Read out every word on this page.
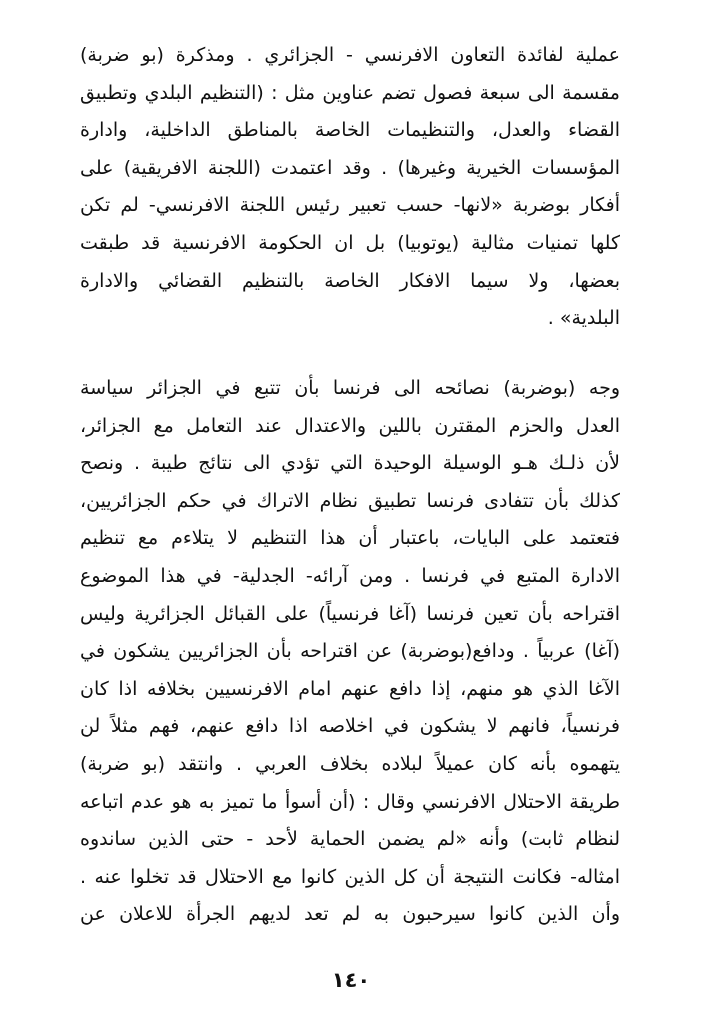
عملية لفائدة التعاون الافرنسي - الجزائري . ومذكرة (بو ضربة)
مقسمة الى سبعة فصول تضم عناوين مثل : (التنظيم البلدي وتطبيق
القضاء والعدل، والتنظيمات الخاصة بالمناطق الداخلية، وادارة
المؤسسات الخيرية وغيرها) . وقد اعتمدت (اللجنة الافريقية) على
أفكار بوضربة «لانها- حسب تعبير رئيس اللجنة الافرنسي- لم تكن
كلها تمنيات مثالية (يوتوبيا) بل ان الحكومة الافرنسية قد طبقت
بعضها، ولا سيما الافكار الخاصة بالتنظيم القضائي والادارة
البلدية» .
وجه (بوضربة) نصائحه الى فرنسا بأن تتبع في الجزائر سياسة
العدل والحزم المقترن باللين والاعتدال عند التعامل مع الجزائر،
لأن ذلـك هـو الوسيلة الوحيدة التي تؤدي الى نتائج طيبة . ونصح
كذلك بأن تتفادى فرنسا تطبيق نظام الاتراك في حكم الجزائريين،
فتعتمد على البايات، باعتبار أن هذا التنظيم لا يتلاءم مع تنظيم
الادارة المتبع في فرنسا . ومن آرائه- الجدلية- في هذا الموضوع
اقتراحه بأن تعين فرنسا (آغا فرنسياً) على القبائل الجزائرية وليس
(آغا) عربياً . ودافع(بوضربة) عن اقتراحه بأن الجزائريين يشكون في
الآغا الذي هو منهم، إذا دافع عنهم امام الافرنسيين بخلافه اذا كان
فرنسياً، فانهم لا يشكون في اخلاصه اذا دافع عنهم، فهم مثلاً لن
يتهموه بأنه كان عميلاً لبلاده بخلاف العربي . وانتقد (بو ضربة)
طريقة الاحتلال الافرنسي وقال : (أن أسوأ ما تميز به هو عدم اتباعه
لنظام ثابت) وأنه «لم يضمن الحماية لأحد - حتى الذين ساندوه
امثاله- فكانت النتيجة أن كل الذين كانوا مع الاحتلال قد تخلوا عنه .
وأن الذين كانوا سيرحبون به لم تعد لديهم الجرأة للاعلان عن
١٤٠
